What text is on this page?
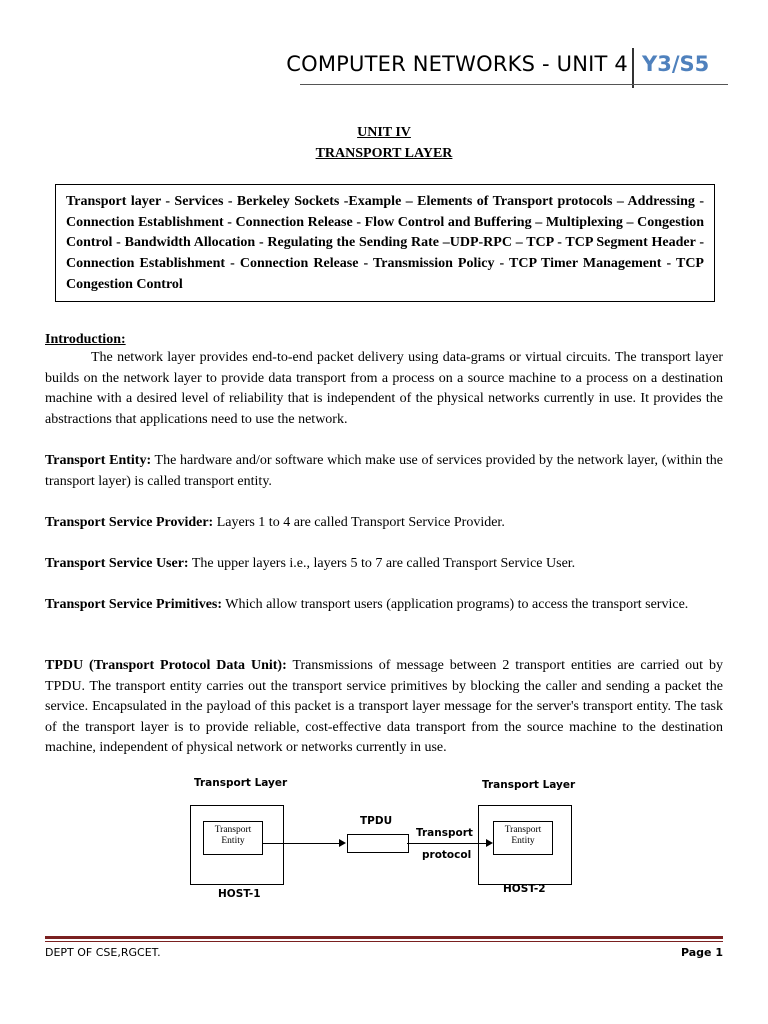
COMPUTER NETWORKS - UNIT 4 Y3/S5
UNIT IV
TRANSPORT LAYER
Transport layer - Services - Berkeley Sockets -Example – Elements of Transport protocols – Addressing - Connection Establishment - Connection Release - Flow Control and Buffering – Multiplexing – Congestion Control - Bandwidth Allocation - Regulating the Sending Rate –UDP-RPC – TCP - TCP Segment Header - Connection Establishment - Connection Release - Transmission Policy - TCP Timer Management - TCP Congestion Control
Introduction:
The network layer provides end-to-end packet delivery using data-grams or virtual circuits. The transport layer builds on the network layer to provide data transport from a process on a source machine to a process on a destination machine with a desired level of reliability that is independent of the physical networks currently in use. It provides the abstractions that applications need to use the network.
Transport Entity: The hardware and/or software which make use of services provided by the network layer, (within the transport layer) is called transport entity.
Transport Service Provider: Layers 1 to 4 are called Transport Service Provider.
Transport Service User: The upper layers i.e., layers 5 to 7 are called Transport Service User.
Transport Service Primitives: Which allow transport users (application programs) to access the transport service.
TPDU (Transport Protocol Data Unit): Transmissions of message between 2 transport entities are carried out by TPDU. The transport entity carries out the transport service primitives by blocking the caller and sending a packet the service. Encapsulated in the payload of this packet is a transport layer message for the server's transport entity. The task of the transport layer is to provide reliable, cost-effective data transport from the source machine to the destination machine, independent of physical network or networks currently in use.
Transport Layer	Transport Layer
Transport
Entity
Transport
Entity
TPDU
Transport
protocol
HOST-1	HOST-2
DEPT OF CSE,RGCET.	Page 1
